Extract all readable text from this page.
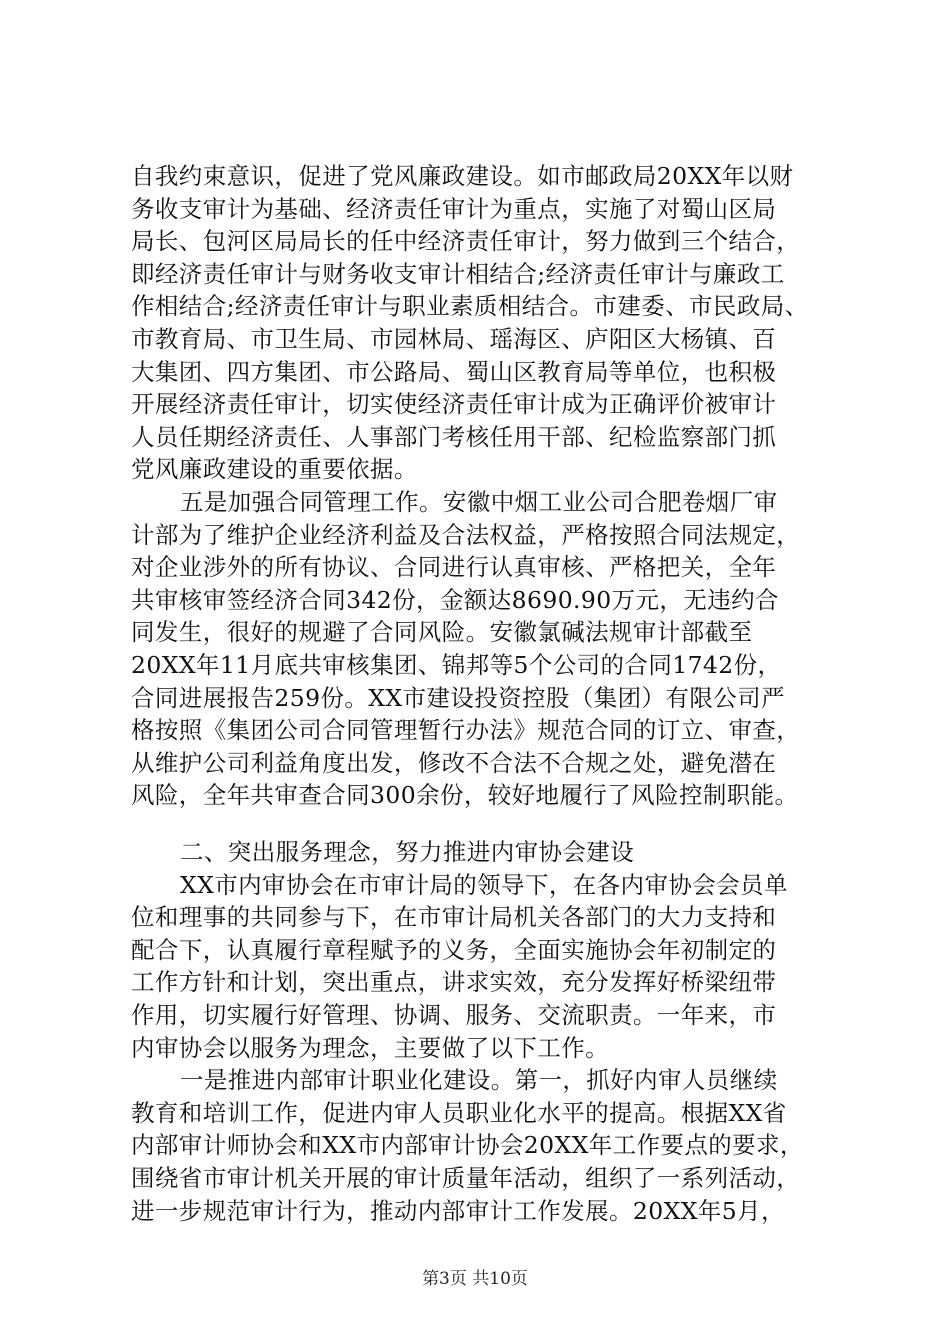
自我约束意识，促进了党风廉政建设。如市邮政局20XX年以财
务收支审计为基础、经济责任审计为重点，实施了对蜀山区局
局长、包河区局局长的任中经济责任审计，努力做到三个结合，
即经济责任审计与财务收支审计相结合;经济责任审计与廉政工
作相结合;经济责任审计与职业素质相结合。市建委、市民政局、
市教育局、市卫生局、市园林局、瑶海区、庐阳区大杨镇、百
大集团、四方集团、市公路局、蜀山区教育局等单位，也积极
开展经济责任审计，切实使经济责任审计成为正确评价被审计
人员任期经济责任、人事部门考核任用干部、纪检监察部门抓
党风廉政建设的重要依据。
五是加强合同管理工作。安徽中烟工业公司合肥卷烟厂审
计部为了维护企业经济利益及合法权益，严格按照合同法规定，
对企业涉外的所有协议、合同进行认真审核、严格把关，全年
共审核审签经济合同342份，金额达8690.90万元，无违约合
同发生，很好的规避了合同风险。安徽氯碱法规审计部截至
20XX年11月底共审核集团、锦邦等5个公司的合同1742份，
合同进展报告259份。XX市建设投资控股（集团）有限公司严
格按照《集团公司合同管理暂行办法》规范合同的订立、审查，
从维护公司利益角度出发，修改不合法不合规之处，避免潜在
风险，全年共审查合同300余份，较好地履行了风险控制职能。
二、突出服务理念，努力推进内审协会建设
XX市内审协会在市审计局的领导下，在各内审协会会员单
位和理事的共同参与下，在市审计局机关各部门的大力支持和
配合下，认真履行章程赋予的义务，全面实施协会年初制定的
工作方针和计划，突出重点，讲求实效，充分发挥好桥梁纽带
作用，切实履行好管理、协调、服务、交流职责。一年来，市
内审协会以服务为理念，主要做了以下工作。
一是推进内部审计职业化建设。第一，抓好内审人员继续
教育和培训工作，促进内审人员职业化水平的提高。根据XX省
内部审计师协会和XX市内部审计协会20XX年工作要点的要求，
围绕省市审计机关开展的审计质量年活动，组织了一系列活动，
进一步规范审计行为，推动内部审计工作发展。20XX年5月，
第3页 共10页
